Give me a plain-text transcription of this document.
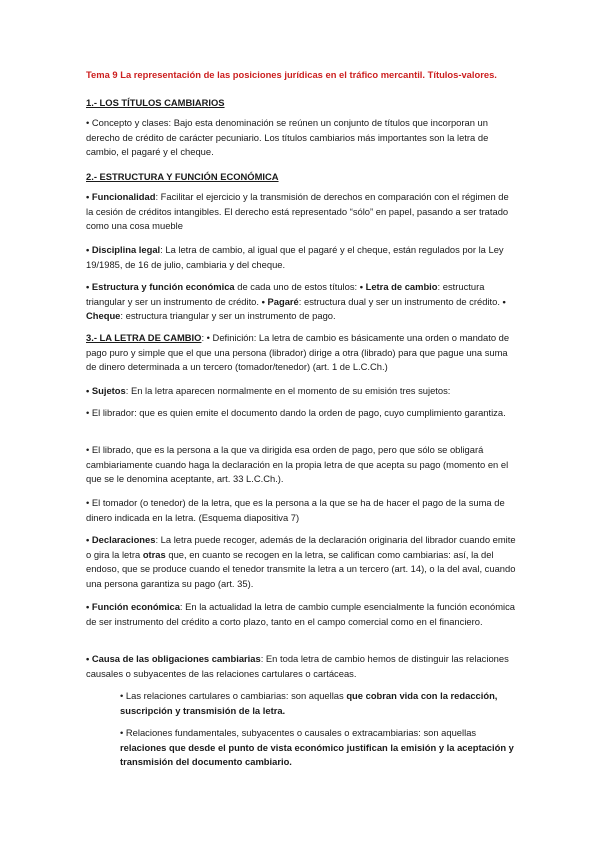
Tema 9 La representación de las posiciones jurídicas en el tráfico mercantil. Títulos-valores.

1.- LOS TÍTULOS CAMBIARIOS

• Concepto y clases: Bajo esta denominación se reúnen un conjunto de títulos que incorporan un derecho de crédito de carácter pecuniario. Los títulos cambiarios más importantes son la letra de cambio, el pagaré y el cheque.

2.- ESTRUCTURA Y FUNCIÓN ECONÓMICA

• Funcionalidad: Facilitar el ejercicio y la transmisión de derechos en comparación con el régimen de la cesión de créditos intangibles. El derecho está representado “sólo” en papel, pasando a ser tratado como una cosa mueble

• Disciplina legal: La letra de cambio, al igual que el pagaré y el cheque, están regulados por la Ley 19/1985, de 16 de julio, cambiaria y del cheque.

• Estructura y función económica de cada uno de estos títulos: • Letra de cambio: estructura triangular y ser un instrumento de crédito. • Pagaré: estructura dual y ser un instrumento de crédito. • Cheque: estructura triangular y ser un instrumento de pago.

3.- LA LETRA DE CAMBIO: • Definición: La letra de cambio es básicamente una orden o mandato de pago puro y simple que el que una persona (librador) dirige a otra (librado) para que pague una suma de dinero determinada a un tercero (tomador/tenedor) (art. 1 de L.C.Ch.)

• Sujetos: En la letra aparecen normalmente en el momento de su emisión tres sujetos:

• El librador: que es quien emite el documento dando la orden de pago, cuyo cumplimiento garantiza.

• El librado, que es la persona a la que va dirigida esa orden de pago, pero que sólo se obligará cambiariamente cuando haga la declaración en la propia letra de que acepta su pago (momento en el que se le denomina aceptante, art. 33 L.C.Ch.).

• El tomador (o tenedor) de la letra, que es la persona a la que se ha de hacer el pago de la suma de dinero indicada en la letra. (Esquema diapositiva 7)

• Declaraciones: La letra puede recoger, además de la declaración originaria del librador cuando emite o gira la letra otras que, en cuanto se recogen en la letra, se califican como cambiarias: así, la del endoso, que se produce cuando el tenedor transmite la letra a un tercero (art. 14), o la del aval, cuando una persona garantiza su pago (art. 35).

• Función económica: En la actualidad la letra de cambio cumple esencialmente la función económica de ser instrumento del crédito a corto plazo, tanto en el campo comercial como en el financiero.

• Causa de las obligaciones cambiarias: En toda letra de cambio hemos de distinguir las relaciones causales o subyacentes de las relaciones cartulares o cartáceas.

• Las relaciones cartulares o cambiarias: son aquellas que cobran vida con la redacción, suscripción y transmisión de la letra.

• Relaciones fundamentales, subyacentes o causales o extracambiarias: son aquellas relaciones que desde el punto de vista económico justifican la emisión y la aceptación y transmisión del documento cambiario.
